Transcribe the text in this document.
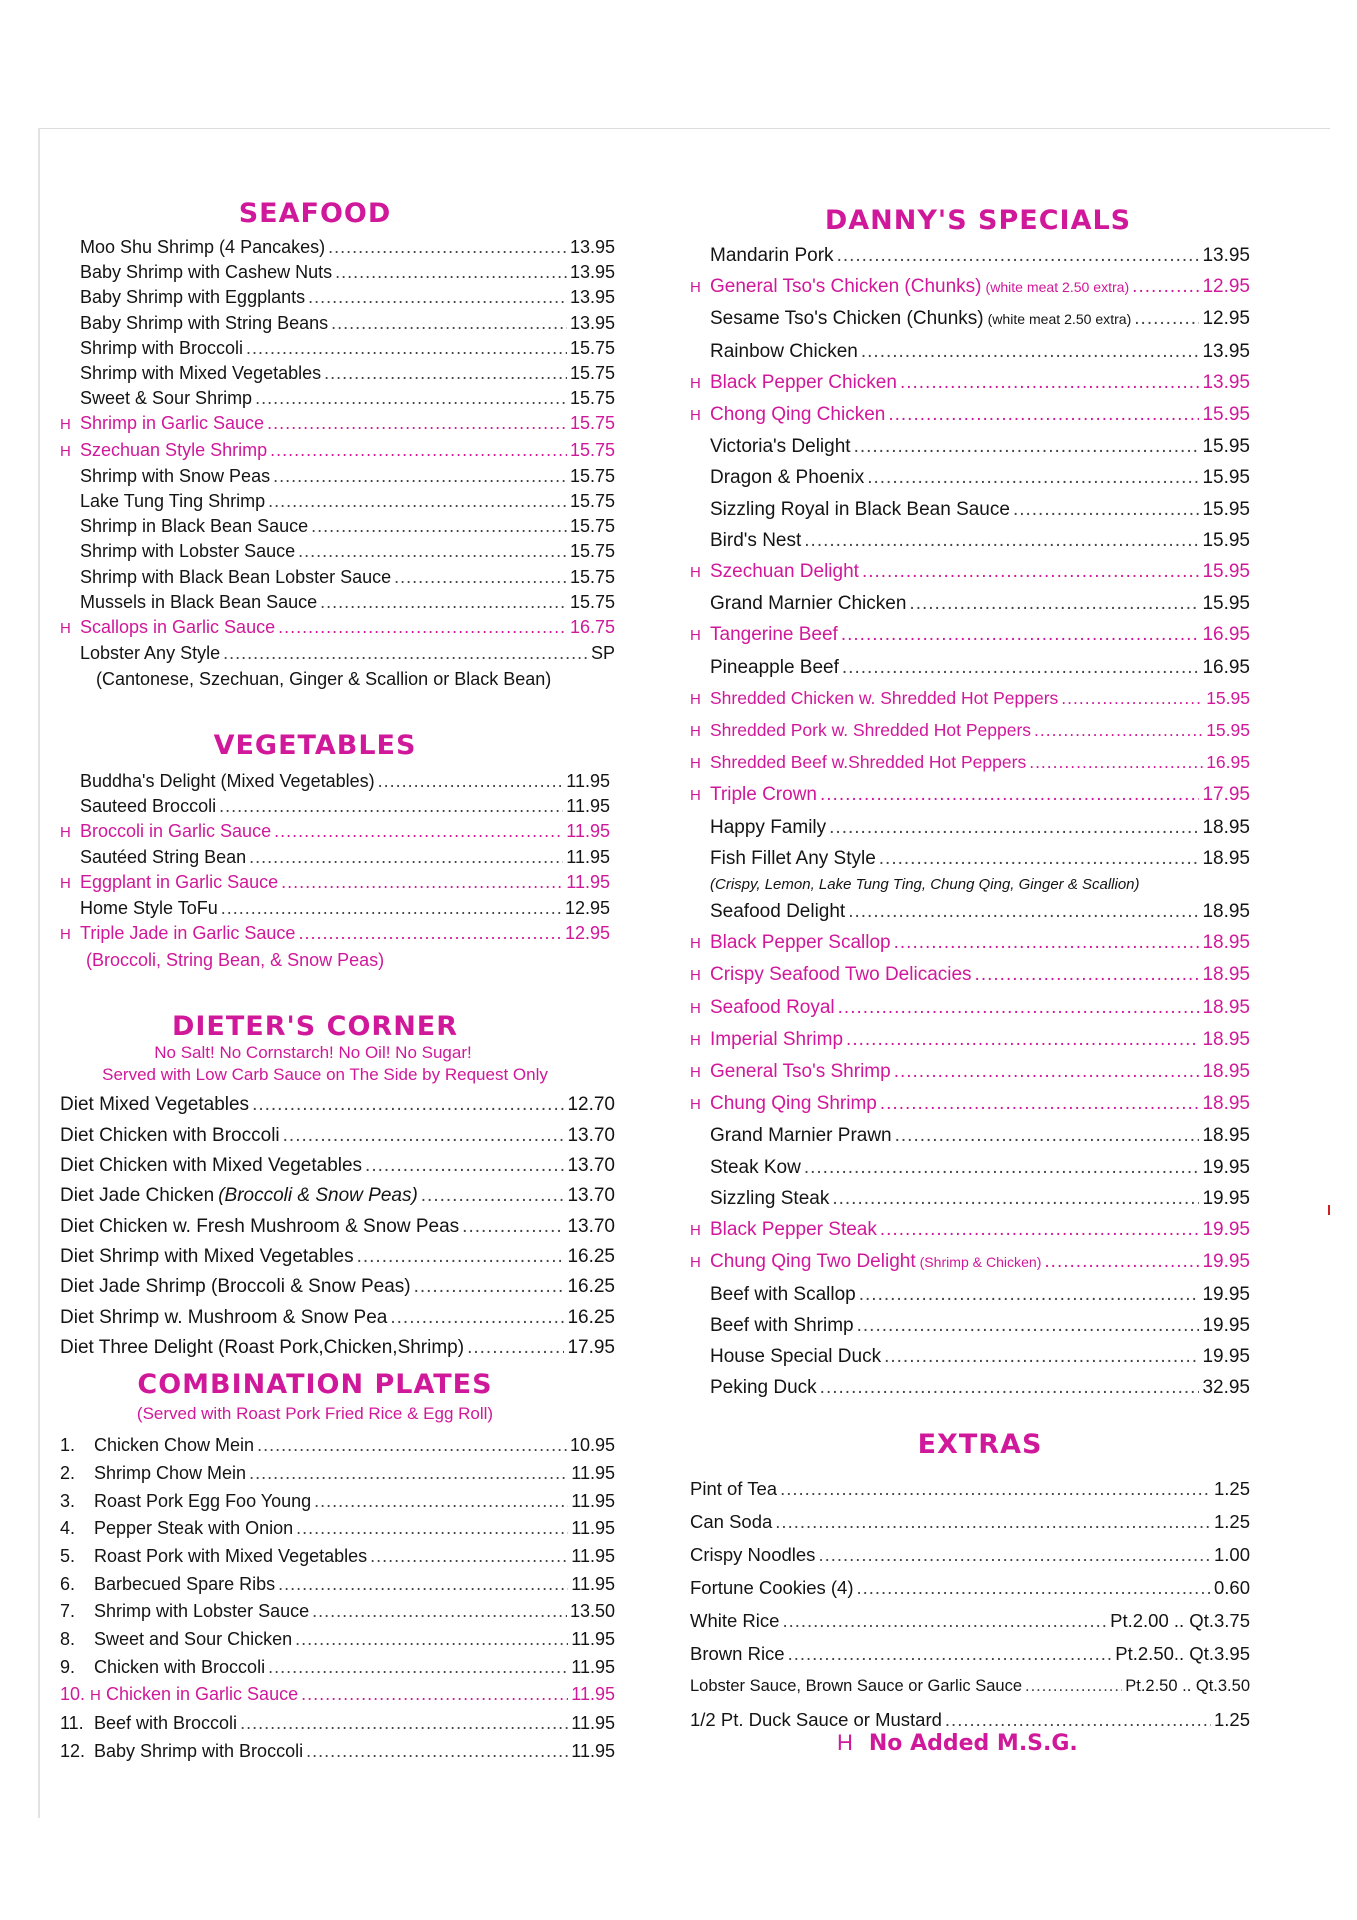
SEAFOOD
Moo Shu Shrimp (4 Pancakes) .....	13.95
Baby Shrimp with Cashew Nuts .....	13.95
Baby Shrimp with Eggplants .....	13.95
Baby Shrimp with String Beans .....	13.95
Shrimp with Broccoli .....	15.75
Shrimp with Mixed Vegetables .....	15.75
Sweet & Sour Shrimp .....	15.75
H Shrimp in Garlic Sauce .....	15.75
H Szechuan Style Shrimp .....	15.75
Shrimp with Snow Peas .....	15.75
Lake Tung Ting Shrimp .....	15.75
Shrimp in Black Bean Sauce .....	15.75
Shrimp with Lobster Sauce .....	15.75
Shrimp with Black Bean Lobster Sauce .....	15.75
Mussels in Black Bean Sauce .....	15.75
H Scallops in Garlic Sauce .....	16.75
Lobster Any Style .....	SP
(Cantonese, Szechuan, Ginger & Scallion or Black Bean)
VEGETABLES
Buddha's Delight (Mixed Vegetables) .....	11.95
Sauteed Broccoli .....	11.95
H Broccoli in Garlic Sauce .....	11.95
Sautéed String Bean .....	11.95
H Eggplant in Garlic Sauce .....	11.95
Home Style ToFu .....	12.95
H Triple Jade in Garlic Sauce .....	12.95
(Broccoli, String Bean, & Snow Peas)
DIETER'S CORNER
No Salt! No Cornstarch! No Oil! No Sugar!
Served with Low Carb Sauce on The Side by Request Only
Diet Mixed Vegetables .....	12.70
Diet Chicken with Broccoli .....	13.70
Diet Chicken with Mixed Vegetables .....	13.70
Diet Jade Chicken (Broccoli & Snow Peas) .....	13.70
Diet Chicken w. Fresh Mushroom & Snow Peas .....	13.70
Diet Shrimp with Mixed Vegetables .....	16.25
Diet Jade Shrimp (Broccoli & Snow Peas) .....	16.25
Diet Shrimp w. Mushroom & Snow Pea .....	16.25
Diet Three Delight (Roast Pork,Chicken,Shrimp) .....	17.95
COMBINATION PLATES
(Served with Roast Pork Fried Rice & Egg Roll)
1.	Chicken Chow Mein .....	10.95
2.	Shrimp Chow Mein .....	11.95
3.	Roast Pork Egg Foo Young .....	11.95
4.	Pepper Steak with Onion .....	11.95
5.	Roast Pork with Mixed Vegetables .....	11.95
6.	Barbecued Spare Ribs .....	11.95
7.	Shrimp with Lobster Sauce .....	13.50
8.	Sweet and Sour Chicken .....	11.95
9.	Chicken with Broccoli .....	11.95
10. H Chicken in Garlic Sauce .....	11.95
11. Beef with Broccoli .....	11.95
12. Baby Shrimp with Broccoli .....	11.95
DANNY'S SPECIALS
Mandarin Pork .....	13.95
H General Tso's Chicken (Chunks) (white meat 2.50 extra) .....	12.95
Sesame Tso's Chicken (Chunks) (white meat 2.50 extra) .....	12.95
Rainbow Chicken .....	13.95
H Black Pepper Chicken .....	13.95
H Chong Qing Chicken .....	15.95
Victoria's Delight .....	15.95
Dragon & Phoenix .....	15.95
Sizzling Royal in Black Bean Sauce .....	15.95
Bird's Nest .....	15.95
H Szechuan Delight .....	15.95
Grand Marnier Chicken .....	15.95
H Tangerine Beef .....	16.95
Pineapple Beef .....	16.95
H Shredded Chicken w. Shredded Hot Peppers .....	15.95
H Shredded Pork w. Shredded Hot Peppers .....	15.95
H Shredded Beef w.Shredded Hot Peppers .....	16.95
H Triple Crown .....	17.95
Happy Family .....	18.95
Fish Fillet Any Style .....	18.95
(Crispy, Lemon, Lake Tung Ting, Chung Qing, Ginger & Scallion)
Seafood Delight .....	18.95
H Black Pepper Scallop .....	18.95
H Crispy Seafood Two Delicacies .....	18.95
H Seafood Royal .....	18.95
H Imperial Shrimp .....	18.95
H General Tso's Shrimp .....	18.95
H Chung Qing Shrimp .....	18.95
Grand Marnier Prawn .....	18.95
Steak Kow .....	19.95
Sizzling Steak .....	19.95
H Black Pepper Steak .....	19.95
H Chung Qing Two Delight (Shrimp & Chicken) .....	19.95
Beef with Scallop .....	19.95
Beef with Shrimp .....	19.95
House Special Duck .....	19.95
Peking Duck .....	32.95
EXTRAS
Pint of Tea .....	1.25
Can Soda .....	1.25
Crispy Noodles .....	1.00
Fortune Cookies (4) .....	0.60
White Rice .....	Pt.2.00 .. Qt.3.75
Brown Rice .....	Pt.2.50.. Qt.3.95
Lobster Sauce, Brown Sauce or Garlic Sauce .....	Pt.2.50 .. Qt.3.50
1/2 Pt. Duck Sauce or Mustard .....	1.25
H No Added M.S.G.
